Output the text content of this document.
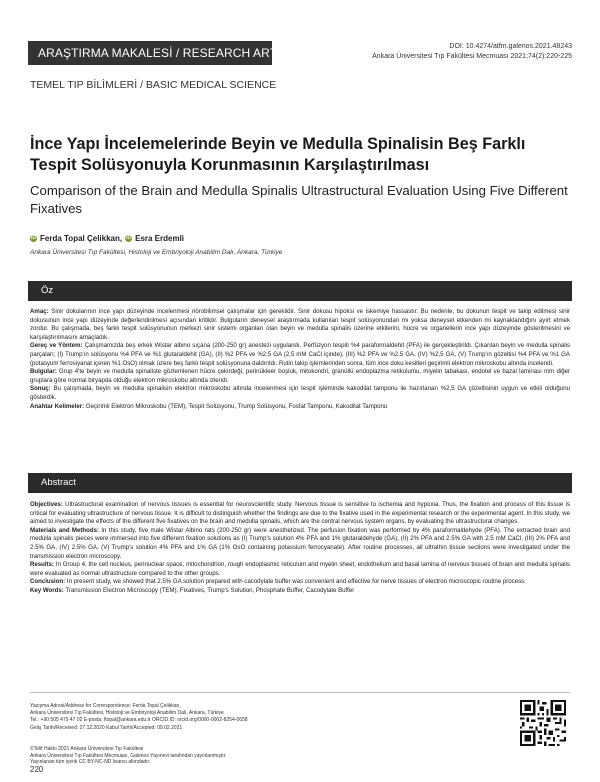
ARAŞTIRMA MAKALESİ / RESEARCH ARTICLE	DOI: 10.4274/atfm.galenos.2021.48243
Ankara Üniversitesi Tıp Fakültesi Mecmuası 2021;74(2):220-225
TEMEL TIP BİLİMLERİ / BASIC MEDICAL SCIENCE
İnce Yapı İncelemelerinde Beyin ve Medulla Spinalisin Beş Farklı Tespit Solüsyonuyla Korunmasının Karşılaştırılması
Comparison of the Brain and Medulla Spinalis Ultrastructural Evaluation Using Five Different Fixatives
iD Ferda Topal Çelikkan, iD Esra Erdemli
Ankara Üniversitesi Tıp Fakültesi, Histoloji ve Embriyoloji Anabilim Dalı, Ankara, Türkiye
Öz

Amaç: Sinir dokularının ince yapı düzeyinde incelenmesi nörobilimsel çalışmalar için gereklidir. Sinir dokusu hipoksi ve iskemiye hassastır. Bu nedenle, bu dokunun tespit ve takip edilmesi sinir dokusunun ince yapı düzeyinde değerlendirilmesi açısından kritiktir. Bulguların deneysel araştırmada kullanılan tespit solüsyonundan mı yoksa deneysel etkenden mi kaynaklandığını ayırt etmek zordur. Bu çalışmada, beş farklı tespit solüsyonunun merkezi sinir sistemi organları olan beyin ve medulla spinalis üzerine etkilerini, hücre ve organellerin ince yapı düzeyinde gösterilmesini ve karşılaştırılmasını amaçladık.

Gereç ve Yöntem: Çalışmamızda beş erkek Wistar albino sıçana (200-250 gr) anestezi uygulandı. Perfüzyon tespiti %4 paraformaldehit (PFA) ile gerçekleştirildi. Çıkarılan beyin ve medulla spinalis parçaları; (I) Trump'ın solüsyonu %4 PFA ve %1 glutaraldehit (GA), (II) %2 PFA ve %2,5 GA (2,5 mM CaCl içinde), (III) %2 PFA ve %2,5 GA, (IV) %2,5 GA, (V) Trump'ın gözeltisi %4 PFA ve %1 GA (potasyum ferrosiyanat içeren %1 OsO) olmak üzere beş farklı tespit solüsyonuna daldırıldı. Rutin takip işlemlerinden sonra, tüm ince doku kesitleri geçirimli elektron mikroskobu altında incelendi.

Bulgular: Grup 4'te beyin ve medulla spinaliste gözlemlenen hücre çekirdeği, perinükleer boşluk, mitokondri, granüllü endoplazma retikulumu, miyelin tabakası, endotel ve bazal laminası mm diğer gruplara göre normal biryapda olduğu elektron mikroskobu altında izlendi.

Sonuç: Bu çalışmada, beyin ve medulla spinalisin elektron mikroskobu altında incelenmesi için tespit işleminde kakodilat tamponu ile hazırlanan %2,5 GA çözeltisinin uygun ve etkili olduğunu gösterdik.

Anahtar Kelimeler: Geçirimli Elektron Mikroskobu (TEM), Tespit Solüsyonu, Trump Solüsyonu, Fosfat Tamponu, Kakodilat Tamponu

Abstract

Objectives: Ultrastructural examination of nervous tissues is essential for neuroscientific study. Nervous tissue is sensitive to ischemia and hypoxia. Thus, the fixation and process of this tissue is critical for evaluating ultrastructure of nervous tissue. It is difficult to distinguish whether the findings are due to the fixative used in the experimental research or the experimental agent. In this study, we aimed to investigate the effects of the different five fixatives on the brain and medulla spinalis, which are the central nervous system organs, by evaluating the ultrastructural changes.

Materials and Methods: In this study, five male Wistar Albino rats (200-250 gr) were anesthetized. The perfusion fixation was performed by 4% paraformaldehyde (PFA). The extracted brain and medulla spinalis pieces were immersed into five different fixation solutions as (I) Trump's solution 4% PFA and 1% glutaraldehyde (GA), (II) 2% PFA and 2.5% GA with 2.5 mM CaCl, (III) 2% PFA and 2.5% GA, (IV) 2.5% GA, (V) Trump's solution 4% PFA and 1% GA (1% OsO containing potassium ferrocyanate). After routine processes, all ultrathin tissue sections were investigated under the transmission electron microscopy.

Results: In Group 4, the cell nucleus, perinuclear space, mitochondrion, rough endoplasmic reticulum and myelin sheet, endothelium and basal lamina of nervous tissues of brain and medulla spinalis were evaluated as normal ultrastructure compared to the other groups.

Conclusion: In present study, we showed that 2.5% GA solution prepared with cacodylate buffer was convenient and effective for nerve tissues of electron microscopic routine process.

Key Words: Transmission Electron Microscopy (TEM), Fixatives, Trump's Solution, Phosphate Buffer, Cacodylate Buffer

Yazışma Adresi/Address for Correspondence: Ferda Topal Çelikkan,
Ankara Üniversitesi Tıp Fakültesi, Histoloji ve Embriyoloji Anabilim Dalı, Ankara, Türkiye
Tel.: +90 505 479 47 02 E-posta: ftopal@ankara.edu.tr ORCID ID: orcid.org/0000-0002-8254-0658
Geliş Tarihi/Received: 27.12.2020 Kabul Tarihi/Accepted: 09.02.2021
©Telif Hakkı 2021 Ankara Üniversitesi Tıp Fakültesi
Ankara Üniversitesi Tıp Fakültesi Mecmuası, Galenos Yayınevi tarafından yayınlanmıştır.
Yayınlanan tüm içerik CC BY-NC-ND lisansı altındadır.
220
